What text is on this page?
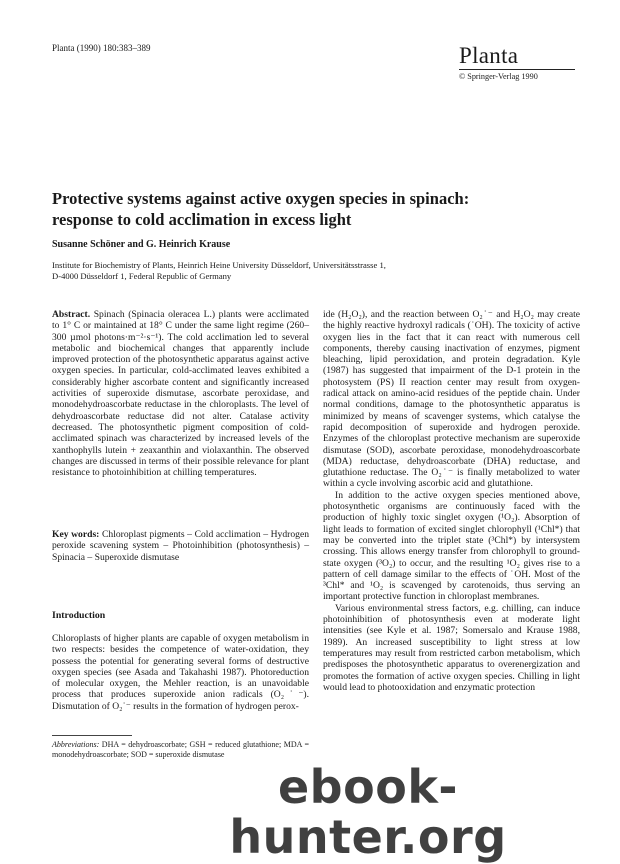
Planta (1990) 180:383–389	Planta
© Springer-Verlag 1990
Protective systems against active oxygen species in spinach:
response to cold acclimation in excess light
Susanne Schöner and G. Heinrich Krause
Institute for Biochemistry of Plants, Heinrich Heine University Düsseldorf, Universitätsstrasse 1,
D-4000 Düsseldorf 1, Federal Republic of Germany

Abstract. Spinach (Spinacia oleracea L.) plants were acclimated to 1° C or maintained at 18° C under the same light regime (260–300 µmol photons·m⁻²·s⁻¹). The cold acclimation led to several metabolic and biochemical changes that apparently include improved protection of the photosynthetic apparatus against active oxygen species. In particular, cold-acclimated leaves exhibited a considerably higher ascorbate content and significantly increased activities of superoxide dismutase, ascorbate peroxidase, and monodehydroascorbate reductase in the chloroplasts. The level of dehydroascorbate reductase did not alter. Catalase activity decreased. The photosynthetic pigment composition of cold-acclimated spinach was characterized by increased levels of the xanthophylls lutein + zeaxanthin and violaxanthin. The observed changes are discussed in terms of their possible relevance for plant resistance to photoinhibition at chilling temperatures.

Key words: Chloroplast pigments – Cold acclimation – Hydrogen peroxide scavening system – Photoinhibition (photosynthesis) – Spinacia – Superoxide dismutase

Introduction

Chloroplasts of higher plants are capable of oxygen metabolism in two respects: besides the competence of water-oxidation, they possess the potential for generating several forms of destructive oxygen species (see Asada and Takahashi 1987). Photoreduction of molecular oxygen, the Mehler reaction, is an unavoidable process that produces superoxide anion radicals (O₂˙⁻). Dismutation of O₂˙⁻ results in the formation of hydrogen perox-

Abbreviations: DHA = dehydroascorbate; GSH = reduced glutathione; MDA = monodehydroascorbate; SOD = superoxide dismutase

ide (H₂O₂), and the reaction between O₂˙⁻ and H₂O₂ may create the highly reactive hydroxyl radicals (˙OH). The toxicity of active oxygen lies in the fact that it can react with numerous cell components, thereby causing inactivation of enzymes, pigment bleaching, lipid peroxidation, and protein degradation. Kyle (1987) has suggested that impairment of the D-1 protein in the photosystem (PS) II reaction center may result from oxygen-radical attack on amino-acid residues of the peptide chain. Under normal conditions, damage to the photosynthetic apparatus is minimized by means of scavenger systems, which catalyse the rapid decomposition of superoxide and hydrogen peroxide. Enzymes of the chloroplast protective mechanism are superoxide dismutase (SOD), ascorbate peroxidase, monodehydroascorbate (MDA) reductase, dehydroascorbate (DHA) reductase, and glutathione reductase. The O₂˙⁻ is finally metabolized to water within a cycle involving ascorbic acid and glutathione.

In addition to the active oxygen species mentioned above, photosynthetic organisms are continuously faced with the production of highly toxic singlet oxygen (¹O₂). Absorption of light leads to formation of excited singlet chlorophyll (¹Chl*) that may be converted into the triplet state (³Chl*) by intersystem crossing. This allows energy transfer from chlorophyll to ground-state oxygen (³O₂) to occur, and the resulting ¹O₂ gives rise to a pattern of cell damage similar to the effects of ˙OH. Most of the ³Chl* and ¹O₂ is scavenged by carotenoids, thus serving an important protective function in chloroplast membranes.

Various environmental stress factors, e.g. chilling, can induce photoinhibition of photosynthesis even at moderate light intensities (see Kyle et al. 1987; Somersalo and Krause 1988, 1989). An increased susceptibility to light stress at low temperatures may result from restricted carbon metabolism, which predisposes the photosynthetic apparatus to overenergization and promotes the formation of active oxygen species. Chilling in light would lead to photooxidation and enzymatic protection

ebook-hunter.org
